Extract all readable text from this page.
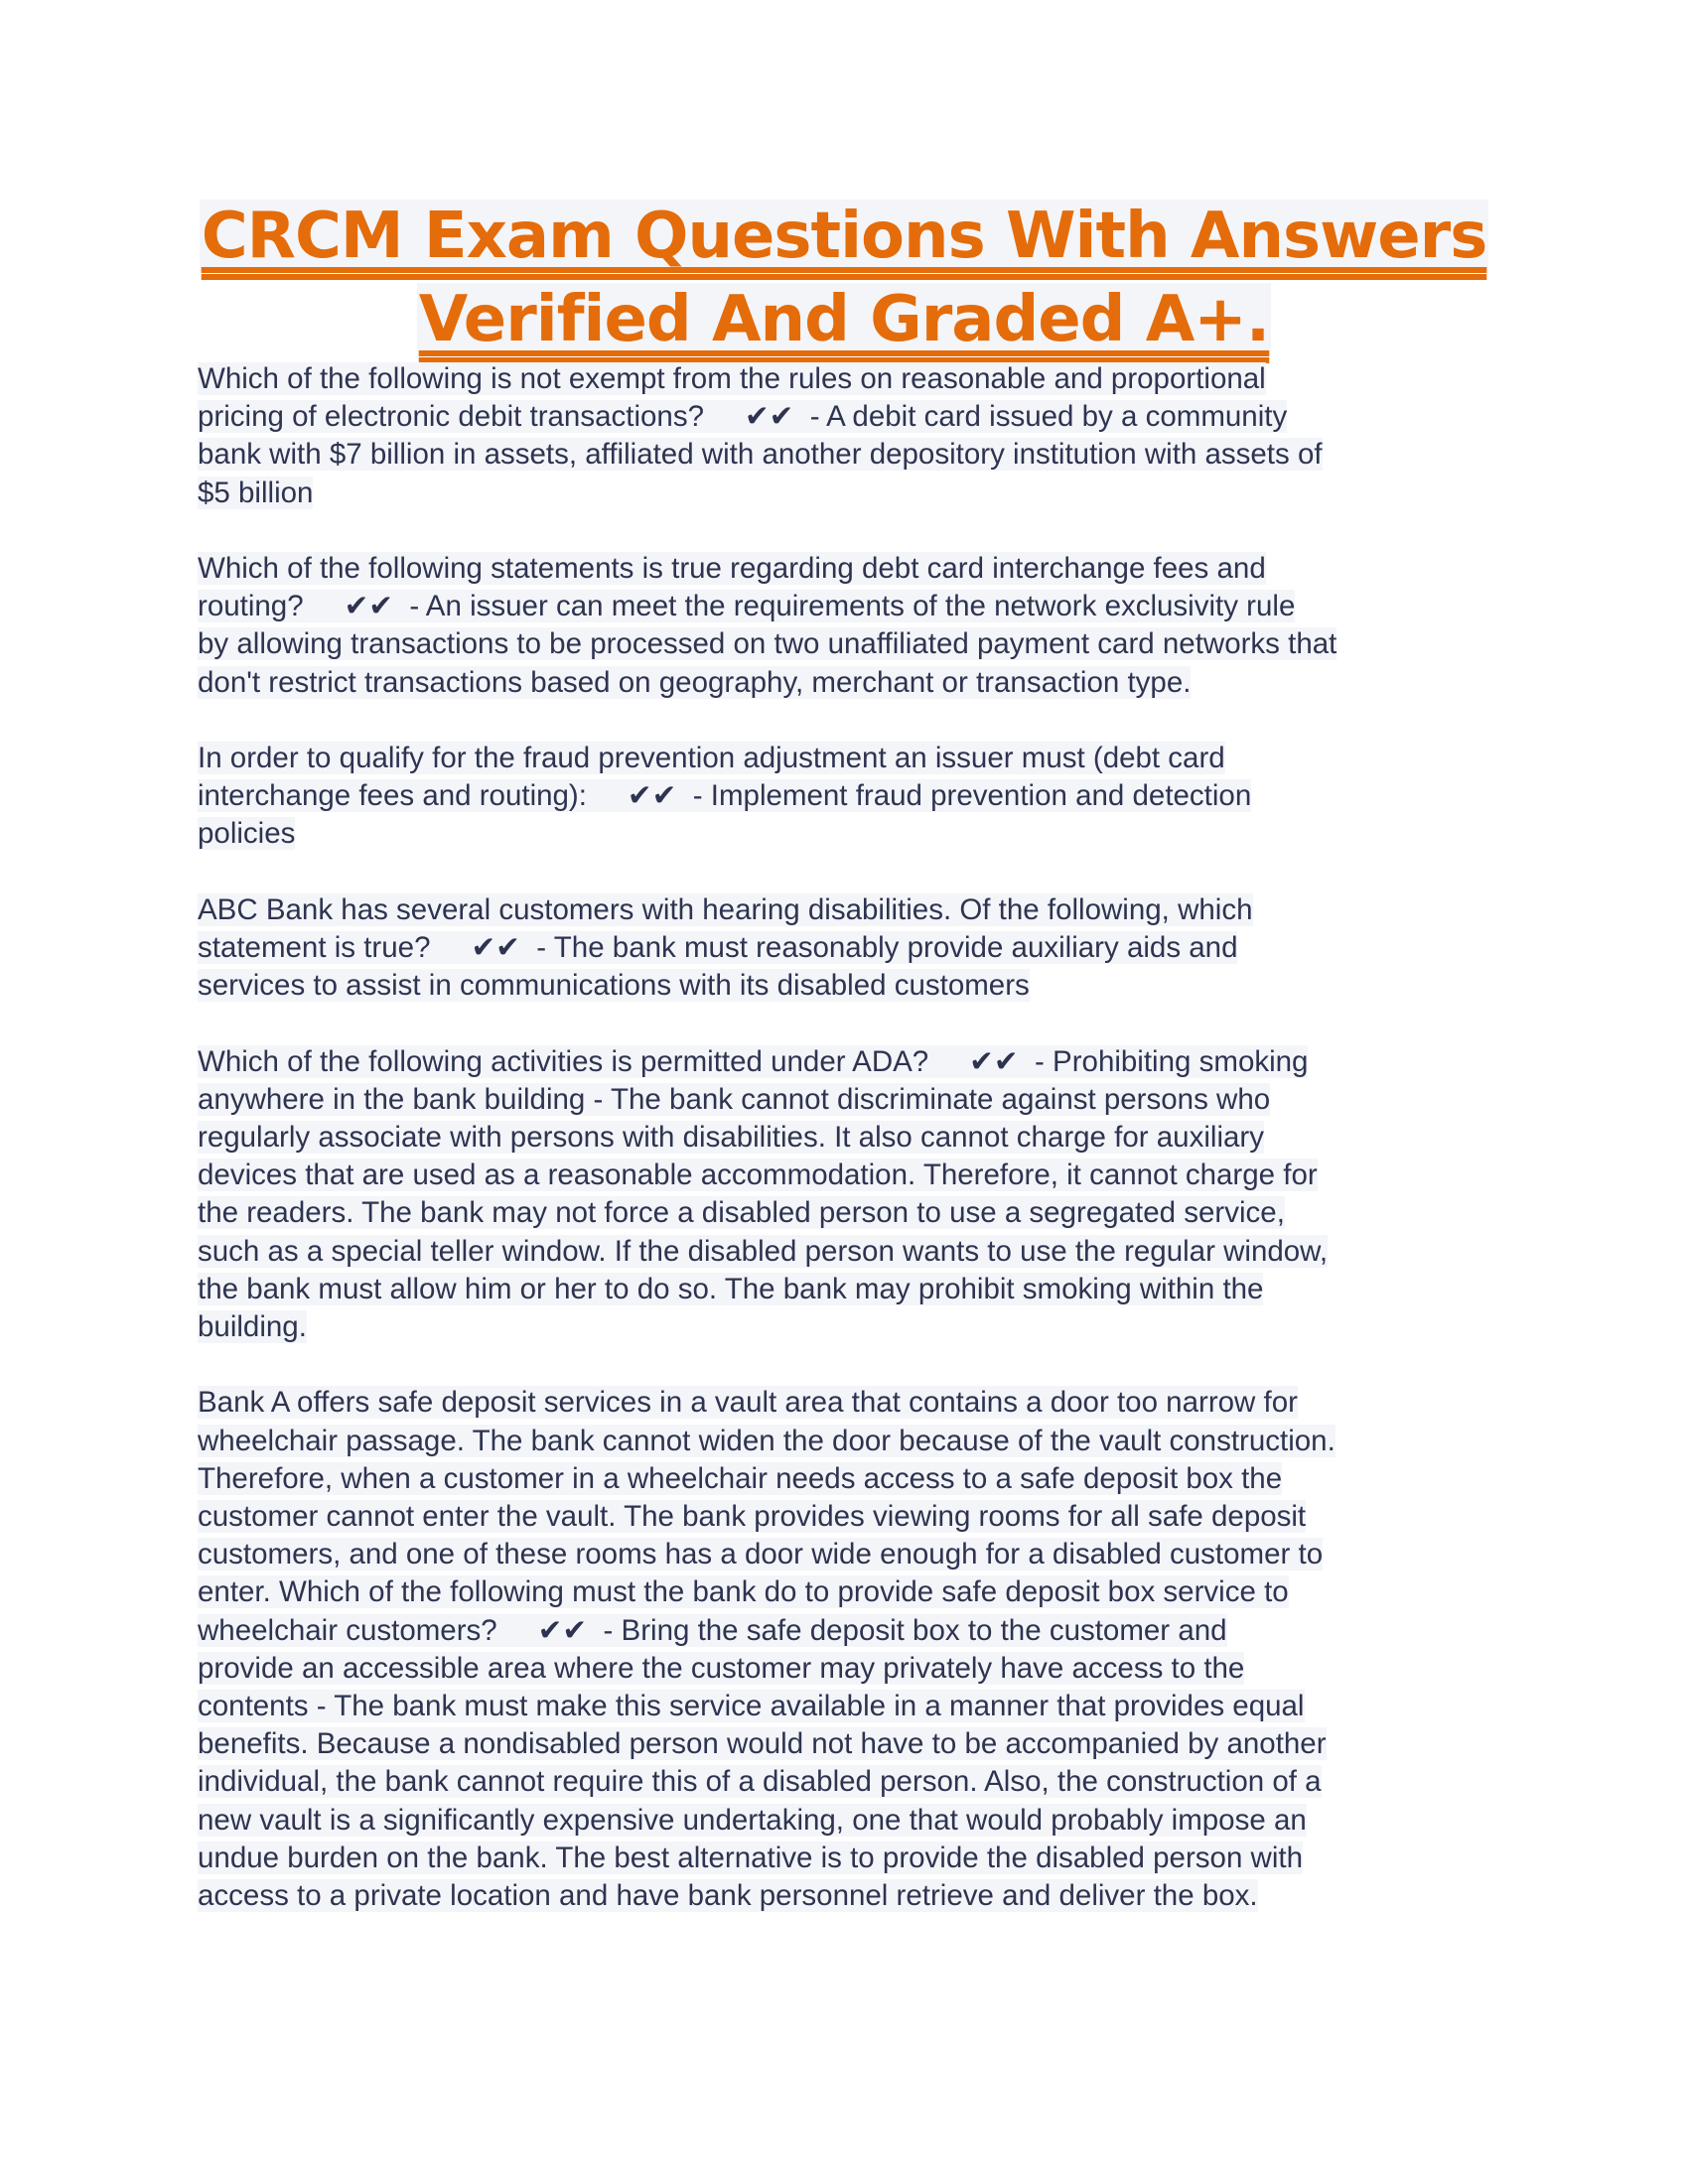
CRCM Exam Questions With Answers
Verified And Graded A+.
Which of the following is not exempt from the rules on reasonable and proportional
pricing of electronic debit transactions?     ✔✔  - A debit card issued by a community
bank with $7 billion in assets, affiliated with another depository institution with assets of
$5 billion
Which of the following statements is true regarding debt card interchange fees and
routing?     ✔✔  - An issuer can meet the requirements of the network exclusivity rule
by allowing transactions to be processed on two unaffiliated payment card networks that
don't restrict transactions based on geography, merchant or transaction type.
In order to qualify for the fraud prevention adjustment an issuer must (debt card
interchange fees and routing):     ✔✔  - Implement fraud prevention and detection
policies
ABC Bank has several customers with hearing disabilities. Of the following, which
statement is true?     ✔✔  - The bank must reasonably provide auxiliary aids and
services to assist in communications with its disabled customers
Which of the following activities is permitted under ADA?     ✔✔  - Prohibiting smoking
anywhere in the bank building - The bank cannot discriminate against persons who
regularly associate with persons with disabilities. It also cannot charge for auxiliary
devices that are used as a reasonable accommodation. Therefore, it cannot charge for
the readers. The bank may not force a disabled person to use a segregated service,
such as a special teller window. If the disabled person wants to use the regular window,
the bank must allow him or her to do so. The bank may prohibit smoking within the
building.
Bank A offers safe deposit services in a vault area that contains a door too narrow for
wheelchair passage. The bank cannot widen the door because of the vault construction.
Therefore, when a customer in a wheelchair needs access to a safe deposit box the
customer cannot enter the vault. The bank provides viewing rooms for all safe deposit
customers, and one of these rooms has a door wide enough for a disabled customer to
enter. Which of the following must the bank do to provide safe deposit box service to
wheelchair customers?     ✔✔  - Bring the safe deposit box to the customer and
provide an accessible area where the customer may privately have access to the
contents - The bank must make this service available in a manner that provides equal
benefits. Because a nondisabled person would not have to be accompanied by another
individual, the bank cannot require this of a disabled person. Also, the construction of a
new vault is a significantly expensive undertaking, one that would probably impose an
undue burden on the bank. The best alternative is to provide the disabled person with
access to a private location and have bank personnel retrieve and deliver the box.
